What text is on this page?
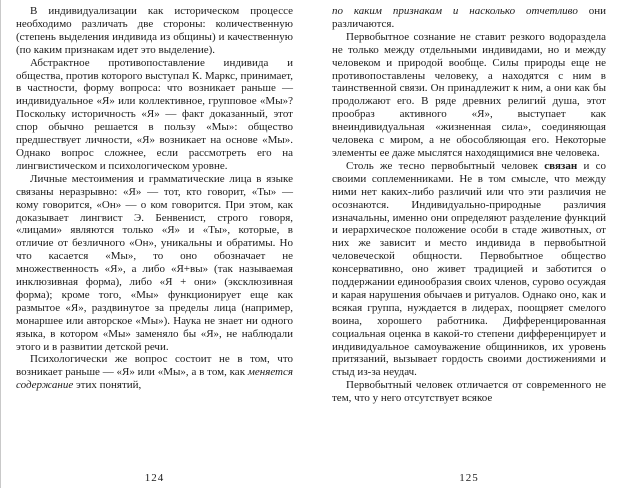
В индивидуализации как историческом процессе необходимо различать две стороны: количественную (степень выделения индивида из общины) и качественную (по каким признакам идет это выделение).

Абстрактное противопоставление индивида и общества, против которого выступал К. Маркс, принимает, в частности, форму вопроса: что возникает раньше — индивидуальное «Я» или коллективное, групповое «Мы»? Поскольку историчность «Я» — факт доказанный, этот спор обычно решается в пользу «Мы»: общество предшествует личности, «Я» возникает на основе «Мы». Однако вопрос сложнее, если рассмотреть его на лингвистическом и психологическом уровне.

Личные местоимения и грамматические лица в языке связаны неразрывно: «Я» — тот, кто говорит, «Ты» — кому говорится, «Он» — о ком говорится. При этом, как доказывает лингвист Э. Бенвенист, строго говоря, «лицами» являются только «Я» и «Ты», которые, в отличие от безличного «Он», уникальны и обратимы. Но что касается «Мы», то оно обозначает не множественность «Я», а либо «Я+вы» (так называемая инклюзивная форма), либо «Я + они» (эксклюзивная форма); кроме того, «Мы» функционирует еще как размытое «Я», раздвинутое за пределы лица (например, монаршее или авторское «Мы»). Наука не знает ни одного языка, в котором «Мы» заменяло бы «Я», не наблюдали этого и в развитии детской речи.

Психологически же вопрос состоит не в том, что возникает раньше — «Я» или «Мы», а в том, как меняется содержание этих понятий,

124

по каким признакам и насколько отчетливо они различаются.

Первобытное сознание не ставит резкого водораздела не только между отдельными индивидами, но и между человеком и природой вообще. Силы природы еще не противопоставлены человеку, а находятся с ним в таинственной связи. Он принадлежит к ним, а они как бы продолжают его. В ряде древних религий душа, этот прообраз активного «Я», выступает как внеиндивидуальная «жизненная сила», соединяющая человека с миром, а не обособляющая его. Некоторые элементы ее даже мыслятся находящимися вне человека.

Столь же тесно первобытный человек связан и со своими соплеменниками. Не в том смысле, что между ними нет каких-либо различий или что эти различия не осознаются. Индивидуально-природные различия изначальны, именно они определяют разделение функций и иерархическое положение особи в стаде животных, от них же зависит и место индивида в первобытной человеческой общности. Первобытное общество консервативно, оно живет традицией и заботится о поддержании единообразия своих членов, сурово осуждая и карая нарушения обычаев и ритуалов. Однако оно, как и всякая группа, нуждается в лидерах, поощряет смелого воина, хорошего работника. Дифференцированная социальная оценка в какой-то степени дифференцирует и индивидуальное самоуважение общинников, их уровень притязаний, вызывает гордость своими достижениями и стыд из-за неудач.

Первобытный человек отличается от современного не тем, что у него отсутствует всякое

125
